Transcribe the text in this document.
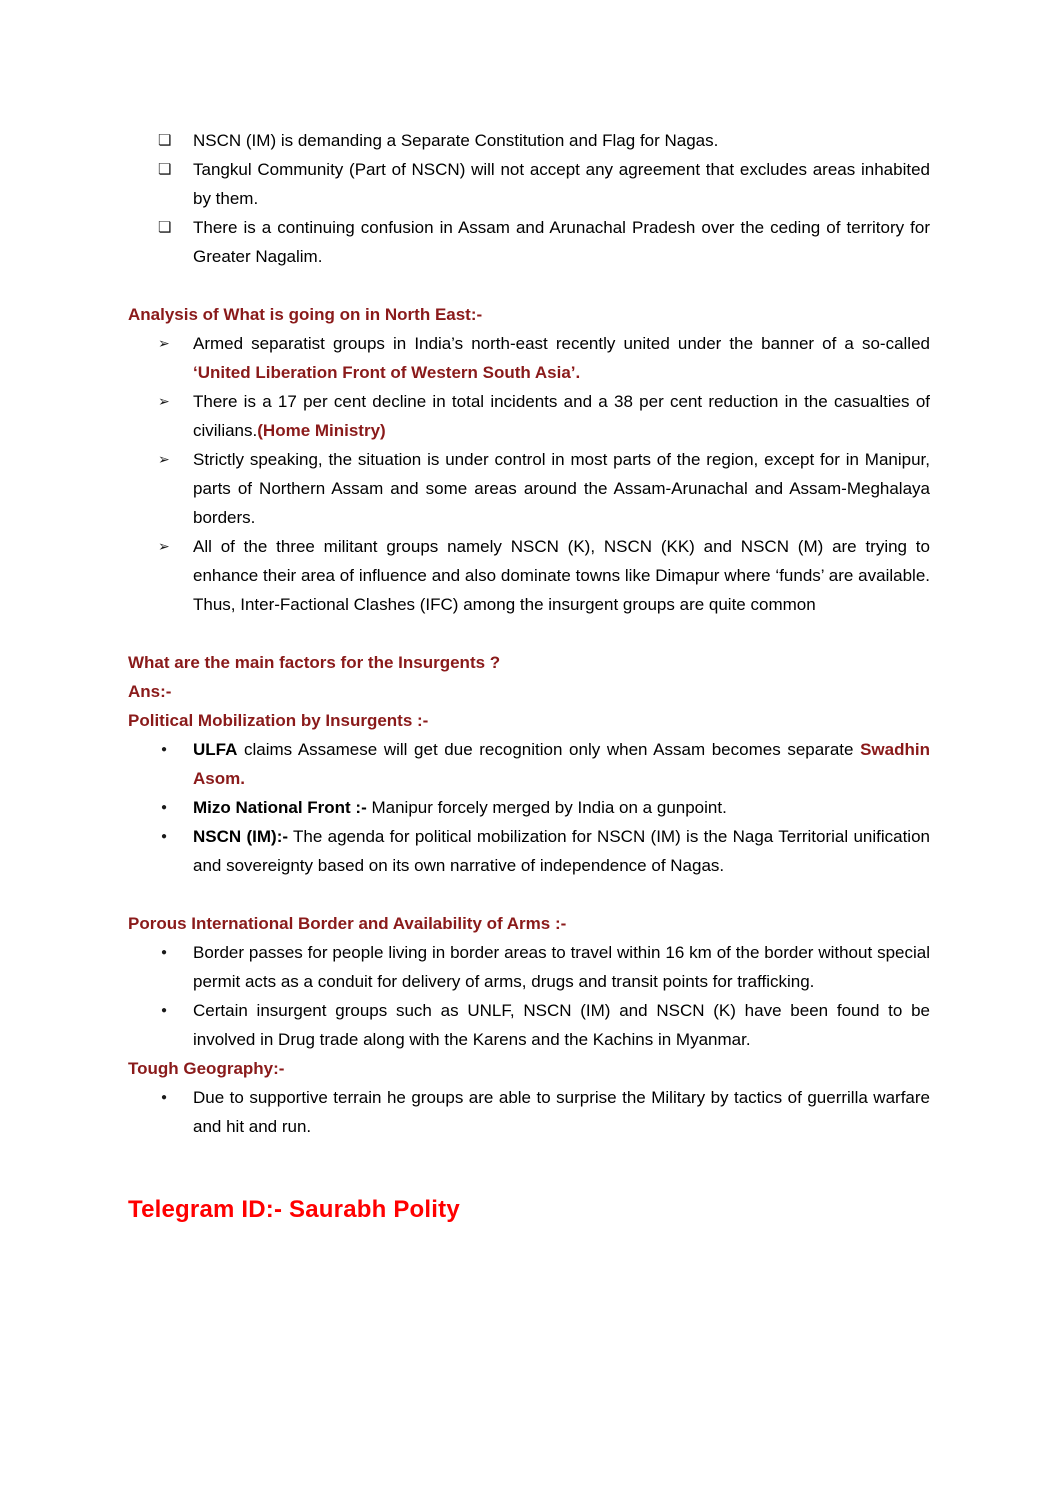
❏	NSCN (IM) is demanding a Separate Constitution and Flag for Nagas.

❏	Tangkul Community (Part of NSCN) will not accept any agreement that excludes areas inhabited by them.

❏	There is a continuing confusion in Assam and Arunachal Pradesh over the ceding of territory for Greater Nagalim.

Analysis of What is going on in North East:-
➢	Armed separatist groups in India’s north-east recently united under the banner of a so-called ‘United Liberation Front of Western South Asia’.

➢	There is a 17 per cent decline in total incidents and a 38 per cent reduction in the casualties of civilians.(Home Ministry)

➢	Strictly speaking, the situation is under control in most parts of the region, except for in Manipur, parts of Northern Assam and some areas around the Assam-Arunachal and Assam-Meghalaya borders.

➢	All of the three militant groups namely NSCN (K), NSCN (KK) and NSCN (M) are trying to enhance their area of influence and also dominate towns like Dimapur where ‘funds’ are available. Thus, Inter-Factional Clashes (IFC) among the insurgent groups are quite common

What are the main factors for the Insurgents ?
Ans:-
Political Mobilization by Insurgents :-
●	ULFA claims Assamese will get due recognition only when Assam becomes separate Swadhin Asom.

●	Mizo National Front :- Manipur forcely merged by India on a gunpoint.

●	NSCN (IM):- The agenda for political mobilization for NSCN (IM) is the Naga Territorial unification and sovereignty based on its own narrative of independence of Nagas.

Porous International Border and Availability of Arms :-
●	Border passes for people living in border areas to travel within 16 km of the border without special permit acts as a conduit for delivery of arms, drugs and transit points for trafficking.

●	Certain insurgent groups such as UNLF, NSCN (IM) and NSCN (K) have been found to be involved in Drug trade along with the Karens and the Kachins in Myanmar.

Tough Geography:-
●	Due to supportive terrain he groups are able to surprise the Military by tactics of guerrilla warfare and hit and run.

Telegram ID:- Saurabh Polity
